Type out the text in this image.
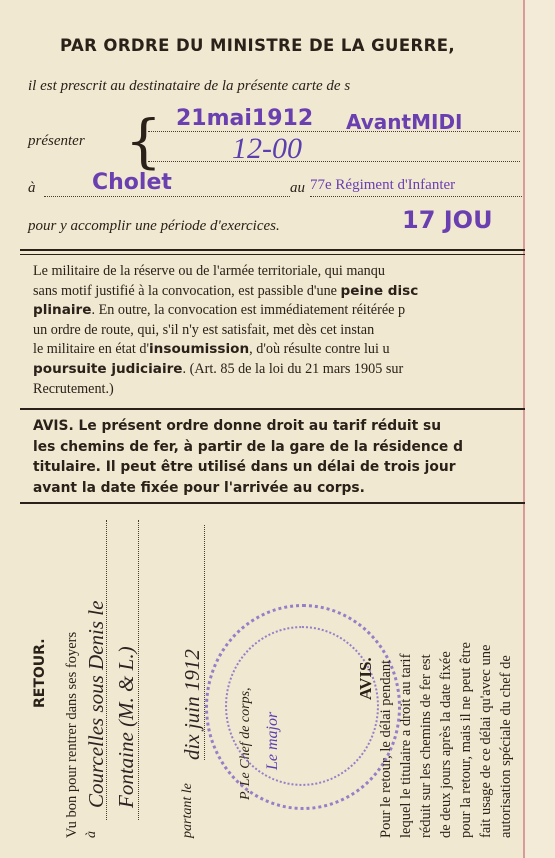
PAR ORDRE DU MINISTRE DE LA GUERRE,
il est prescrit au destinataire de la présente carte de s
présenter { 21mai1912 AvantMIDI
12-00
à	Cholet	au 77e Régiment d'Infanter
pour y accomplir une période d'exercices.	17 JOU
Le militaire de la réserve ou de l'armée territoriale, qui manqu
sans motif justifié à la convocation, est passible d'une peine disc
plinaire. En outre, la convocation est immédiatement réitérée p
un ordre de route, qui, s'il n'y est satisfait, met dès cet instan
le militaire en état d'insoumission, d'où résulte contre lui u
poursuite judiciaire. (Art. 85 de la loi du 21 mars 1905 sur
Recrutement.)
AVIS. Le présent ordre donne droit au tarif réduit su
les chemins de fer, à partir de la gare de la résidence d
titulaire. Il peut être utilisé dans un délai de trois jour
avant la date fixée pour l'arrivée au corps.
RETOUR. Vu bon pour rentrer dans ses foyers à
Courcelles sous Denis le Fontaine (M. & L.)
partant le
dix juin 1912 P. Le Chef de corps, Le major
AVIS. Pour le retour, le délai pendant lequel le titulaire a droit au tarif réduit sur les chemins de fer est de deux jours après la date fixée pour la retour, mais il ne peut être fait usage de ce délai qu'avec une autorisation spéciale du chef de
